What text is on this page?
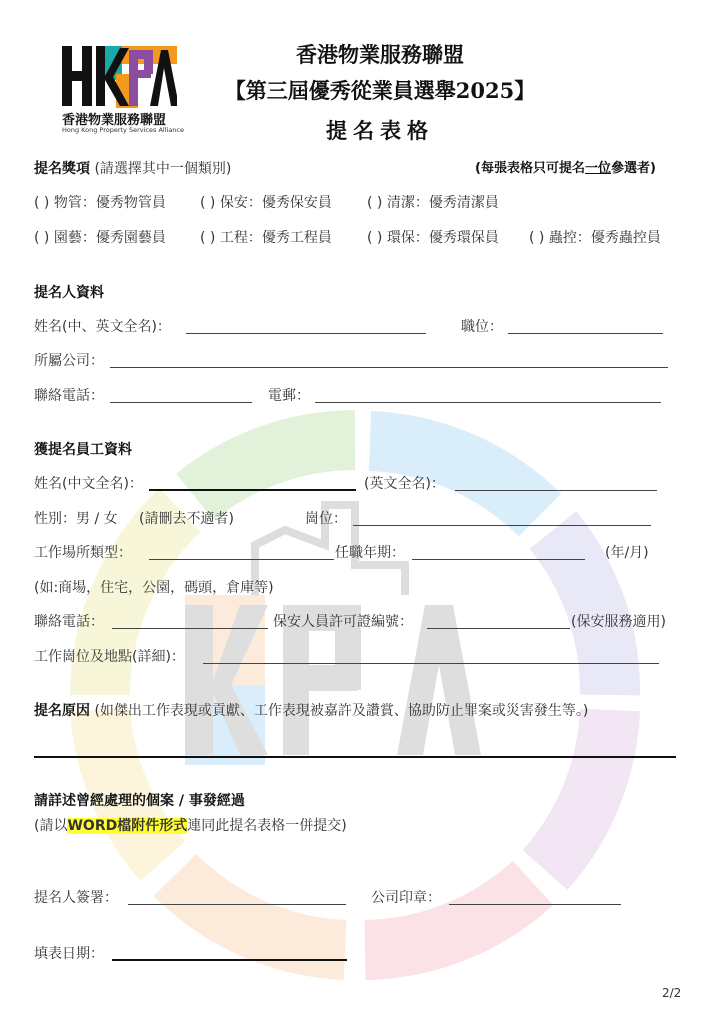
香港物業服務聯盟
Hong Kong Property Services Alliance
香港物業服務聯盟
【第三屆優秀從業員選舉2025】
提名表格
提名獎項 (請選擇其中一個類別)	(每張表格只可提名一位參選者)
( ) 物管：優秀物管員 ( ) 保安：優秀保安員	( ) 清潔：優秀清潔員
( ) 園藝：優秀園藝員 ( ) 工程：優秀工程員	( ) 環保：優秀環保員 ( ) 蟲控：優秀蟲控員
提名人資料
姓名(中、英文全名)：	職位：
所屬公司：
聯絡電話：	電郵：
獲提名員工資料
姓名(中文全名)：	(英文全名)：
性別：男 / 女 (請刪去不適者)	崗位：
工作場所類型：	任職年期：	(年/月)
(如:商場，住宅，公園，碼頭，倉庫等)
聯絡電話：	保安人員許可證編號：	(保安服務適用)
工作崗位及地點(詳細)：
提名原因 (如傑出工作表現或貢獻、工作表現被嘉許及讚賞、協助防止罪案或災害發生等。)
請詳述曾經處理的個案 / 事發經過
(請以WORD檔附件形式連同此提名表格一併提交)
提名人簽署：	公司印章：
填表日期：
2/2
